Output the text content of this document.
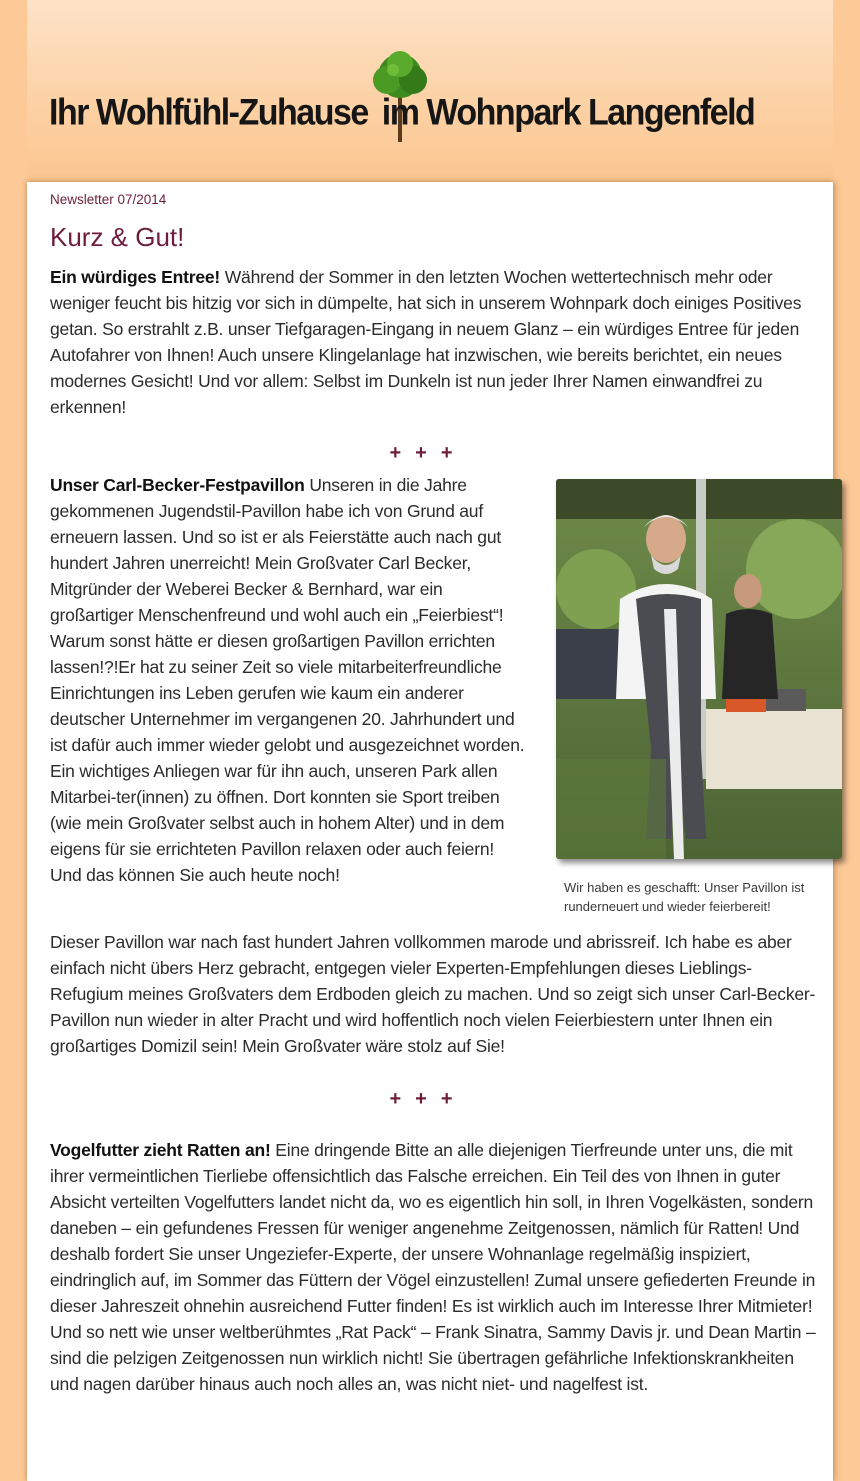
Ihr Wohlfühl-Zuhause im Wohnpark Langenfeld
Newsletter 07/2014
Kurz & Gut!
Ein würdiges Entree! Während der Sommer in den letzten Wochen wettertechnisch mehr oder weniger feucht bis hitzig vor sich in dümpelte, hat sich in unserem Wohnpark doch einiges Positives getan. So erstrahlt z.B. unser Tiefgaragen-Eingang in neuem Glanz – ein würdiges Entree für jeden Autofahrer von Ihnen! Auch unsere Klingelanlage hat inzwischen, wie bereits berichtet, ein neues modernes Gesicht! Und vor allem: Selbst im Dunkeln ist nun jeder Ihrer Namen einwandfrei zu erkennen!
+++
Unser Carl-Becker-Festpavillon Unseren in die Jahre gekommenen Jugendstil-Pavillon habe ich von Grund auf erneuern lassen. Und so ist er als Feierstätte auch nach gut hundert Jahren unerreicht! Mein Großvater Carl Becker, Mitgründer der Weberei Becker & Bernhard, war ein großartiger Menschenfreund und wohl auch ein „Feierbiest“! Warum sonst hätte er diesen großartigen Pavillon errichten lassen!?!Er hat zu seiner Zeit so viele mitarbeiterfreundliche Einrichtungen ins Leben gerufen wie kaum ein anderer deutscher Unternehmer im vergangenen 20. Jahrhundert und ist dafür auch immer wieder gelobt und ausgezeichnet worden. Ein wichtiges Anliegen war für ihn auch, unseren Park allen Mitarbei-ter(innen) zu öffnen. Dort konnten sie Sport treiben (wie mein Großvater selbst auch in hohem Alter) und in dem eigens für sie errichteten Pavillon relaxen oder auch feiern! Und das können Sie auch heute noch!
Wir haben es geschafft: Unser Pavillon ist runderneuert und wieder feierbereit!
Dieser Pavillon war nach fast hundert Jahren vollkommen marode und abrissreif. Ich habe es aber einfach nicht übers Herz gebracht, entgegen vieler Experten-Empfehlungen dieses Lieblings-Refugium meines Großvaters dem Erdboden gleich zu machen. Und so zeigt sich unser Carl-Becker-Pavillon nun wieder in alter Pracht und wird hoffentlich noch vielen Feierbiestern unter Ihnen ein großartiges Domizil sein! Mein Großvater wäre stolz auf Sie!
+++
Vogelfutter zieht Ratten an! Eine dringende Bitte an alle diejenigen Tierfreunde unter uns, die mit ihrer vermeintlichen Tierliebe offensichtlich das Falsche erreichen. Ein Teil des von Ihnen in guter Absicht verteilten Vogelfutters landet nicht da, wo es eigentlich hin soll, in Ihren Vogelkästen, sondern daneben – ein gefundenes Fressen für weniger angenehme Zeitgenossen, nämlich für Ratten! Und deshalb fordert Sie unser Ungeziefer-Experte, der unsere Wohnanlage regelmäßig inspiziert, eindringlich auf, im Sommer das Füttern der Vögel einzustellen! Zumal unsere gefiederten Freunde in dieser Jahreszeit ohnehin ausreichend Futter finden! Es ist wirklich auch im Interesse Ihrer Mitmieter! Und so nett wie unser weltberühmtes „Rat Pack“ – Frank Sinatra, Sammy Davis jr. und Dean Martin – sind die pelzigen Zeitgenossen nun wirklich nicht! Sie übertragen gefährliche Infektionskrankheiten und nagen darüber hinaus auch noch alles an, was nicht niet- und nagelfest ist.
